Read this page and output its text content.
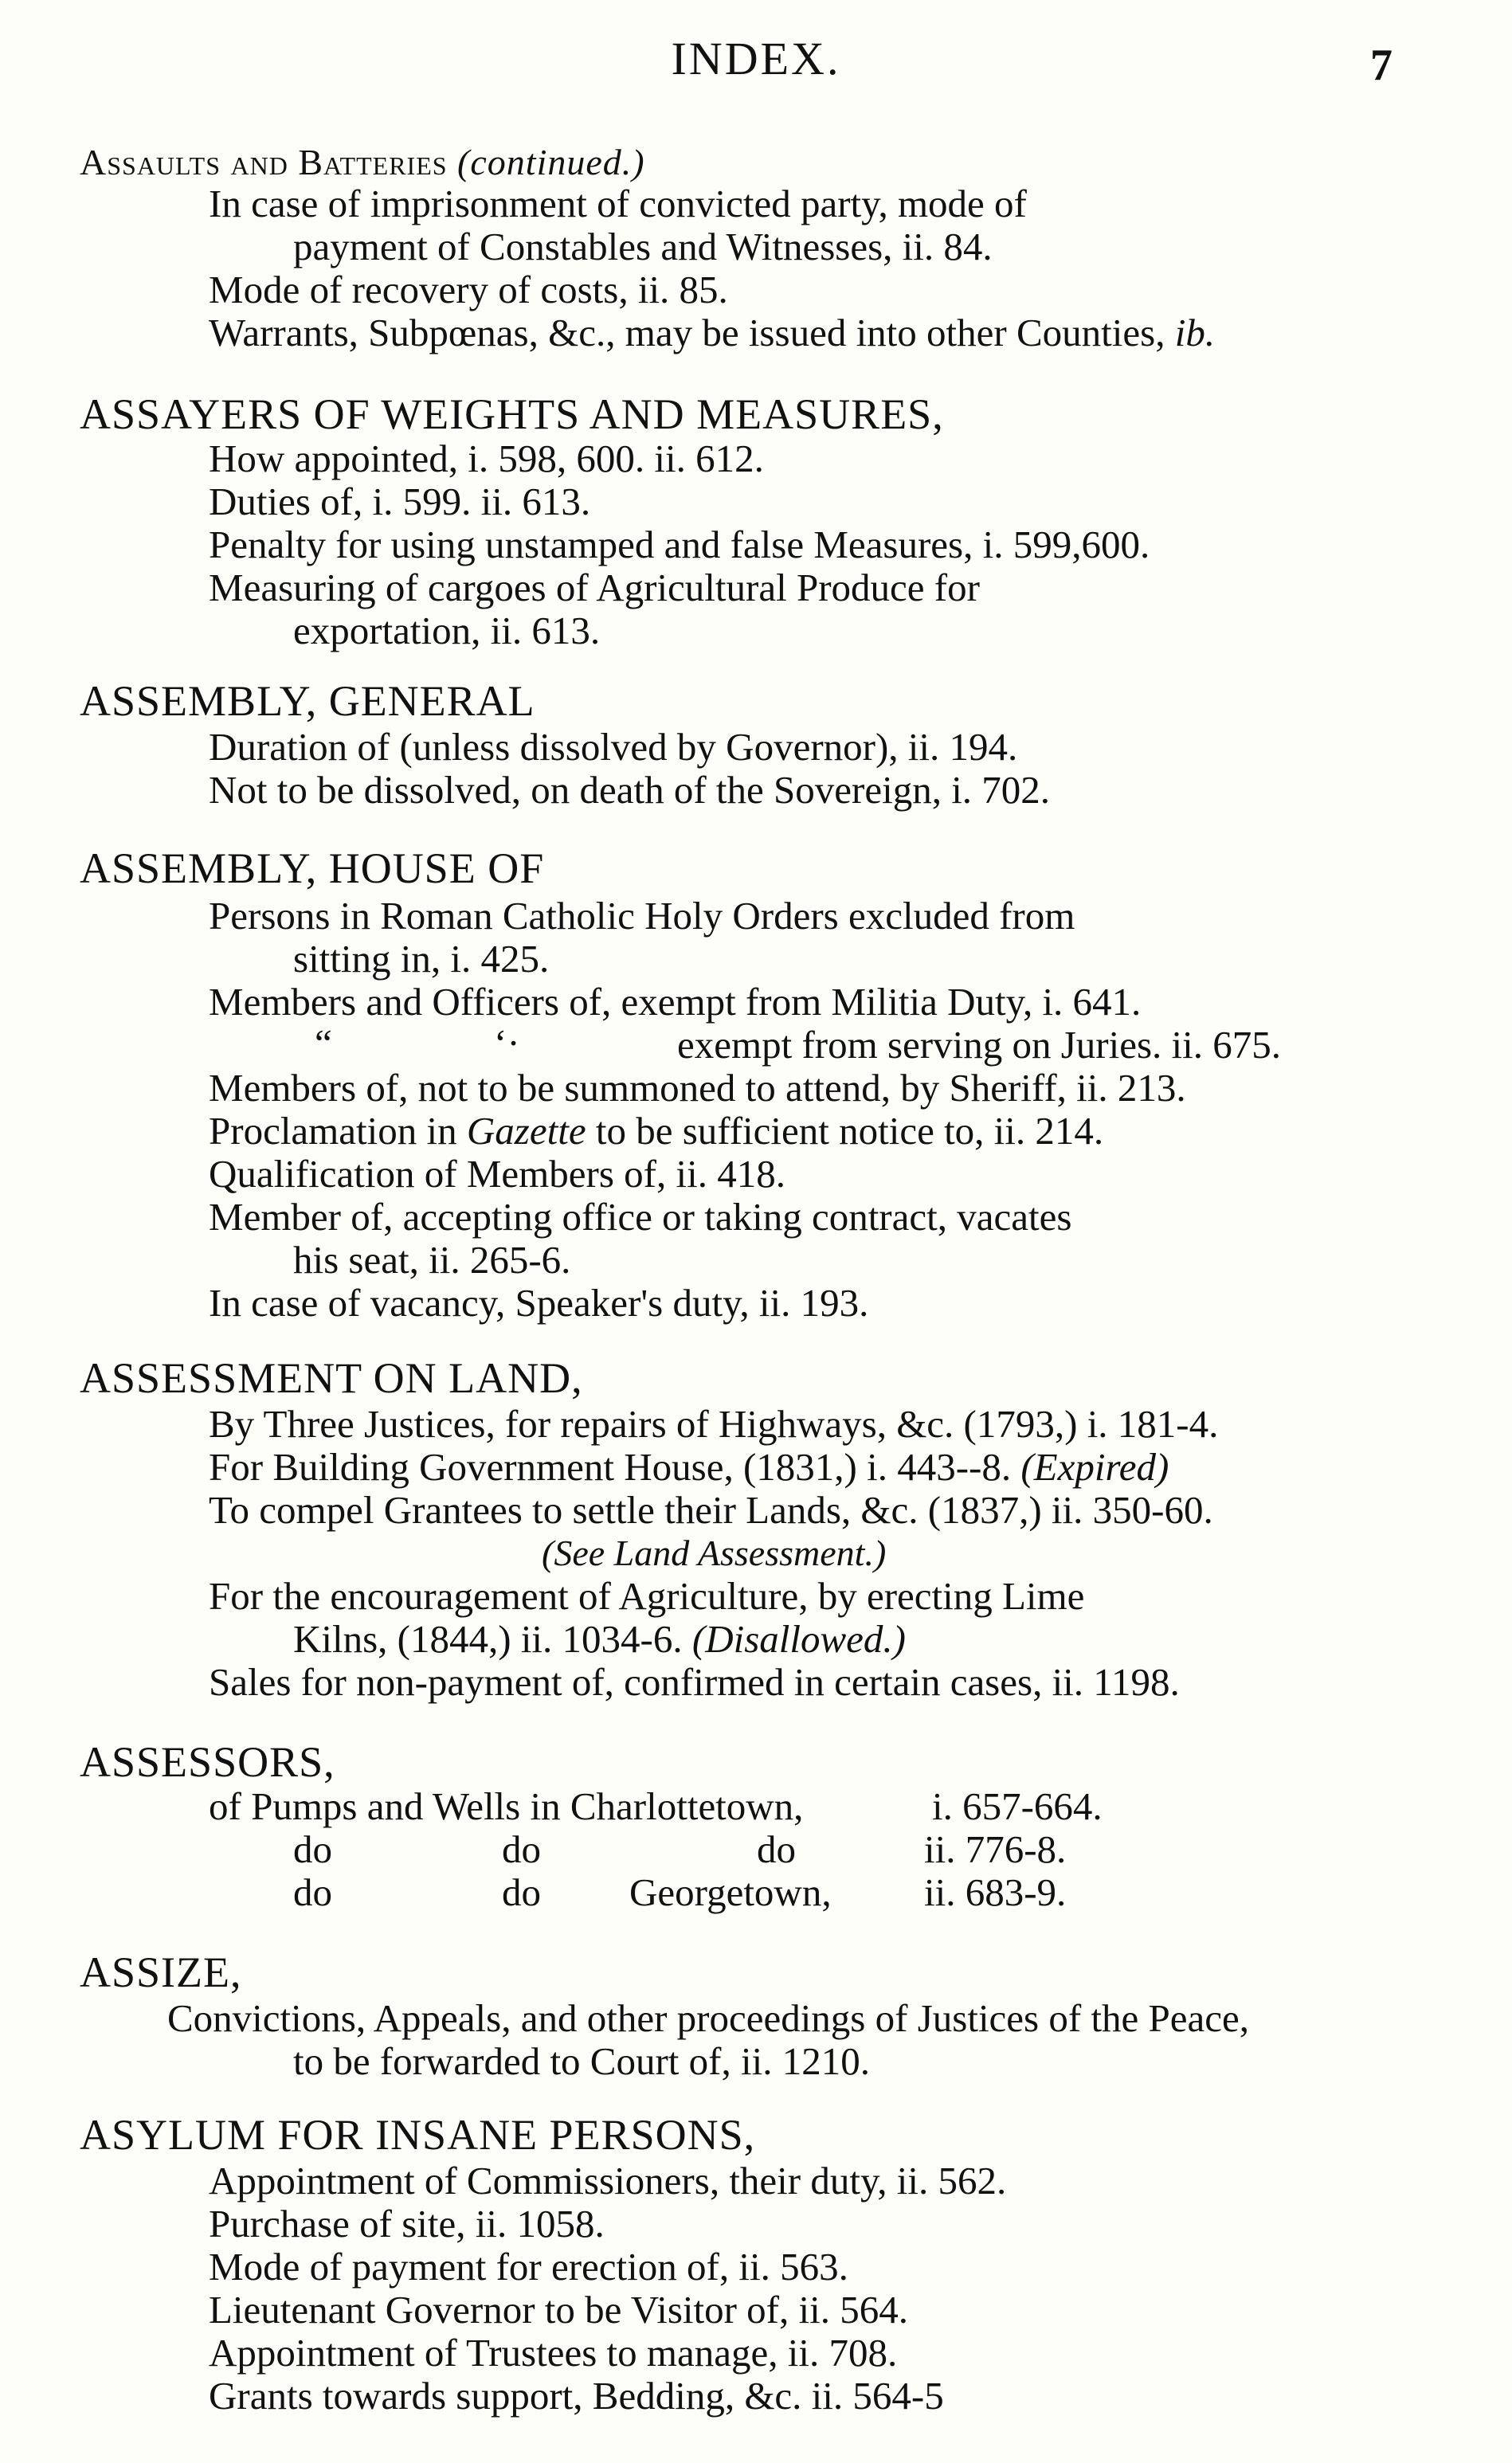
INDEX.	7
Assaults and Batteries (continued.)
In case of imprisonment of convicted party, mode of
payment of Constables and Witnesses, ii. 84.
Mode of recovery of costs, ii. 85.
Warrants, Subpœnas, &c., may be issued into other Counties, ib.
ASSAYERS OF WEIGHTS AND MEASURES,
How appointed, i. 598, 600. ii. 612.
Duties of, i. 599. ii. 613.
Penalty for using unstamped and false Measures, i. 599,600.
Measuring of cargoes of Agricultural Produce for
exportation, ii. 613.
ASSEMBLY, GENERAL
Duration of (unless dissolved by Governor), ii. 194.
Not to be dissolved, on death of the Sovereign, i. 702.
ASSEMBLY, HOUSE OF
Persons in Roman Catholic Holy Orders excluded from
sitting in, i. 425.
Members and Officers of, exempt from Militia Duty, i. 641.
“	‘·	exempt from serving on Juries. ii. 675.
Members of, not to be summoned to attend, by Sheriff, ii. 213.
Proclamation in Gazette to be sufficient notice to, ii. 214.
Qualification of Members of, ii. 418.
Member of, accepting office or taking contract, vacates
his seat, ii. 265-6.
In case of vacancy, Speaker's duty, ii. 193.
ASSESSMENT ON LAND,
By Three Justices, for repairs of Highways, &c. (1793,) i. 181-4.
For Building Government House, (1831,) i. 443--8. (Expired)
To compel Grantees to settle their Lands, &c. (1837,) ii. 350-60.
(See Land Assessment.)
For the encouragement of Agriculture, by erecting Lime
Kilns, (1844,) ii. 1034-6. (Disallowed.)
Sales for non-payment of, confirmed in certain cases, ii. 1198.
ASSESSORS,
of Pumps and Wells in Charlottetown,	i. 657-664.
do	do	do	ii. 776-8.
do	do Georgetown, ii. 683-9.
ASSIZE,
Convictions, Appeals, and other proceedings of Justices of the Peace,
to be forwarded to Court of, ii. 1210.
ASYLUM FOR INSANE PERSONS,
Appointment of Commissioners, their duty, ii. 562.
Purchase of site, ii. 1058.
Mode of payment for erection of, ii. 563.
Lieutenant Governor to be Visitor of, ii. 564.
Appointment of Trustees to manage, ii. 708.
Grants towards support, Bedding, &c. ii. 564-5
